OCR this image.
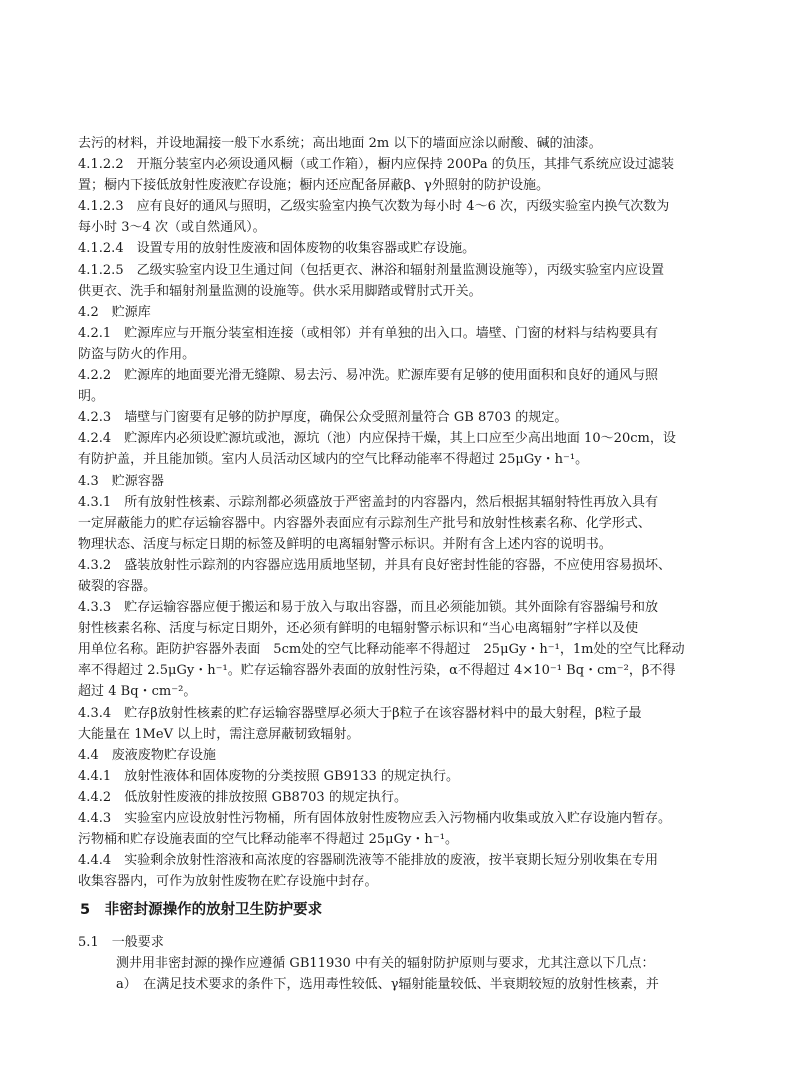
去污的材料，并设地漏接一般下水系统；高出地面 2m 以下的墙面应涂以耐酸、碱的油漆。
4.1.2.2　开瓶分装室内必须设通风橱（或工作箱），橱内应保持 200Pa 的负压，其排气系统应设过滤装
置；橱内下接低放射性废液贮存设施；橱内还应配备屏蔽β、γ外照射的防护设施。
4.1.2.3　应有良好的通风与照明，乙级实验室内换气次数为每小时 4～6 次，丙级实验室内换气次数为
每小时 3～4 次（或自然通风）。
4.1.2.4　设置专用的放射性废液和固体废物的收集容器或贮存设施。
4.1.2.5　乙级实验室内设卫生通过间（包括更衣、淋浴和辐射剂量监测设施等），丙级实验室内应设置
供更衣、洗手和辐射剂量监测的设施等。供水采用脚踏或臂肘式开关。
4.2　贮源库
4.2.1　贮源库应与开瓶分装室相连接（或相邻）并有单独的出入口。墙壁、门窗的材料与结构要具有
防盗与防火的作用。
4.2.2　贮源库的地面要光滑无缝隙、易去污、易冲洗。贮源库要有足够的使用面积和良好的通风与照
明。
4.2.3　墙壁与门窗要有足够的防护厚度，确保公众受照剂量符合 GB 8703 的规定。
4.2.4　贮源库内必须设贮源坑或池，源坑（池）内应保持干燥，其上口应至少高出地面 10～20cm，设
有防护盖，并且能加锁。室内人员活动区域内的空气比释动能率不得超过 25μGy・h⁻¹。
4.3　贮源容器
4.3.1　所有放射性核素、示踪剂都必须盛放于严密盖封的内容器内，然后根据其辐射特性再放入具有
一定屏蔽能力的贮存运输容器中。内容器外表面应有示踪剂生产批号和放射性核素名称、化学形式、
物理状态、活度与标定日期的标签及鲜明的电离辐射警示标识。并附有含上述内容的说明书。
4.3.2　盛装放射性示踪剂的内容器应选用质地坚韧，并具有良好密封性能的容器，不应使用容易损坏、
破裂的容器。
4.3.3　贮存运输容器应便于搬运和易于放入与取出容器，而且必须能加锁。其外面除有容器编号和放
射性核素名称、活度与标定日期外，还必须有鲜明的电辐射警示标识和“当心电离辐射”字样以及使
用单位名称。距防护容器外表面　5cm处的空气比释动能率不得超过　25μGy・h⁻¹，1m处的空气比释动
率不得超过 2.5μGy・h⁻¹。贮存运输容器外表面的放射性污染，α不得超过 4×10⁻¹ Bq・cm⁻²，β不得
超过 4 Bq・cm⁻²。
4.3.4　贮存β放射性核素的贮存运输容器壁厚必须大于β粒子在该容器材料中的最大射程，β粒子最
大能量在 1MeV 以上时，需注意屏蔽韧致辐射。
4.4　废液废物贮存设施
4.4.1　放射性液体和固体废物的分类按照 GB9133 的规定执行。
4.4.2　低放射性废液的排放按照 GB8703 的规定执行。
4.4.3　实验室内应设放射性污物桶，所有固体放射性废物应丢入污物桶内收集或放入贮存设施内暂存。
污物桶和贮存设施表面的空气比释动能率不得超过 25μGy・h⁻¹。
4.4.4　实验剩余放射性溶液和高浓度的容器刷洗液等不能排放的废液，按半衰期长短分别收集在专用
收集容器内，可作为放射性废物在贮存设施中封存。
5　非密封源操作的放射卫生防护要求
5.1　一般要求
测井用非密封源的操作应遵循 GB11930 中有关的辐射防护原则与要求，尤其注意以下几点：
a）　在满足技术要求的条件下，选用毒性较低、γ辐射能量较低、半衰期较短的放射性核素，并
